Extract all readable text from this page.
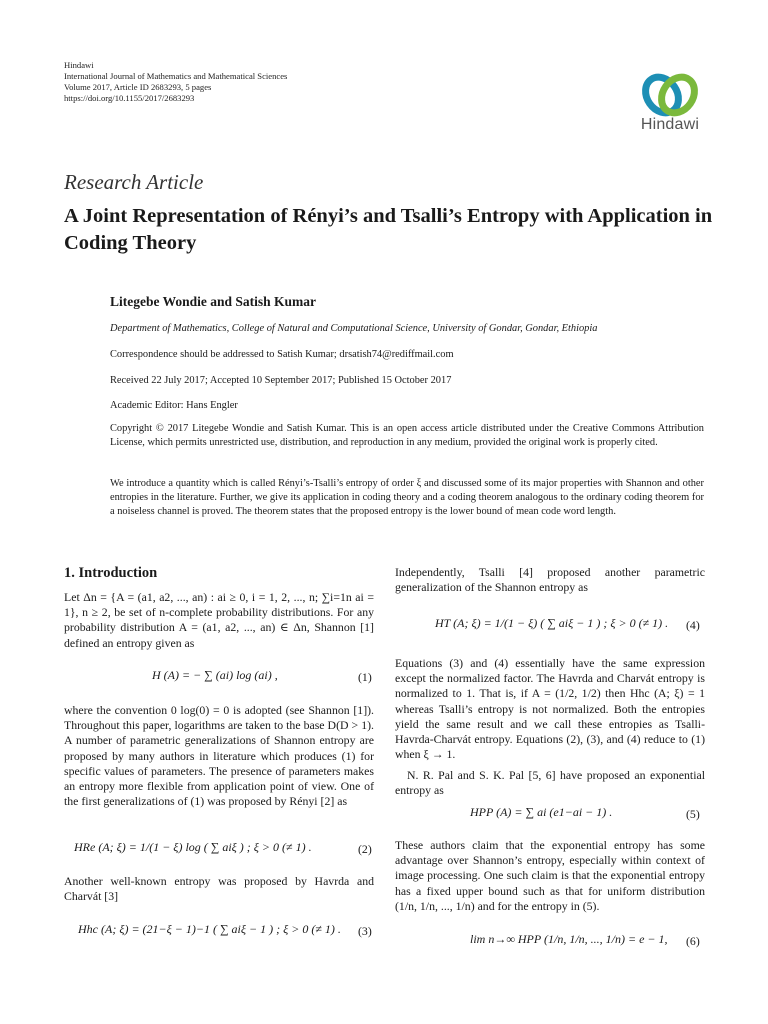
Hindawi
International Journal of Mathematics and Mathematical Sciences
Volume 2017, Article ID 2683293, 5 pages
https://doi.org/10.1155/2017/2683293
Hindawi
Research Article
A Joint Representation of Rényi’s and Tsalli’s Entropy with Application in Coding Theory
Litegebe Wondie and Satish Kumar
Department of Mathematics, College of Natural and Computational Science, University of Gondar, Gondar, Ethiopia
Correspondence should be addressed to Satish Kumar; drsatish74@rediffmail.com
Received 22 July 2017; Accepted 10 September 2017; Published 15 October 2017
Academic Editor: Hans Engler
Copyright © 2017 Litegebe Wondie and Satish Kumar. This is an open access article distributed under the Creative Commons Attribution License, which permits unrestricted use, distribution, and reproduction in any medium, provided the original work is properly cited.
We introduce a quantity which is called Rényi’s-Tsalli’s entropy of order ξ and discussed some of its major properties with Shannon and other entropies in the literature. Further, we give its application in coding theory and a coding theorem analogous to the ordinary coding theorem for a noiseless channel is proved. The theorem states that the proposed entropy is the lower bound of mean code word length.
1. Introduction
Let Δn = {A = (a1, a2, ..., an) : ai ≥ 0, i = 1, 2, ..., n; ∑i=1n ai = 1}, n ≥ 2, be set of n-complete probability distributions. For any probability distribution A = (a1, a2, ..., an) ∈ Δn, Shannon [1] defined an entropy given as
H (A) = − ∑ (ai) log (ai) ,	(1)
where the convention 0 log(0) = 0 is adopted (see Shannon [1]). Throughout this paper, logarithms are taken to the base D(D > 1). A number of parametric generalizations of Shannon entropy are proposed by many authors in literature which produces (1) for specific values of parameters. The presence of parameters makes an entropy more flexible from application point of view. One of the first generalizations of (1) was proposed by Rényi [2] as
HRe (A; ξ) = 1/(1 − ξ) log ( ∑ aiξ ) ; ξ > 0 (≠ 1) .	(2)
Another well-known entropy was proposed by Havrda and Charvát [3]
Hhc (A; ξ) = (21−ξ − 1)−1 ( ∑ aiξ − 1 ) ; ξ > 0 (≠ 1) . (3)
Independently, Tsalli [4] proposed another parametric generalization of the Shannon entropy as
HT (A; ξ) = 1/(1 − ξ) ( ∑ aiξ − 1 ) ; ξ > 0 (≠ 1) . (4)
Equations (3) and (4) essentially have the same expression except the normalized factor. The Havrda and Charvát entropy is normalized to 1. That is, if A = (1/2, 1/2) then Hhc (A; ξ) = 1 whereas Tsalli’s entropy is not normalized. Both the entropies yield the same result and we call these entropies as Tsalli-Havrda-Charvát entropy. Equations (2), (3), and (4) reduce to (1) when ξ → 1.
N. R. Pal and S. K. Pal [5, 6] have proposed an exponential entropy as
HPP (A) = ∑ ai (e1−ai − 1) .	(5)
These authors claim that the exponential entropy has some advantage over Shannon’s entropy, especially within context of image processing. One such claim is that the exponential entropy has a fixed upper bound such as that for uniform distribution (1/n, 1/n, ..., 1/n) and for the entropy in (5).
lim n→∞ HPP (1/n, 1/n, ..., 1/n) = e − 1, (6)
